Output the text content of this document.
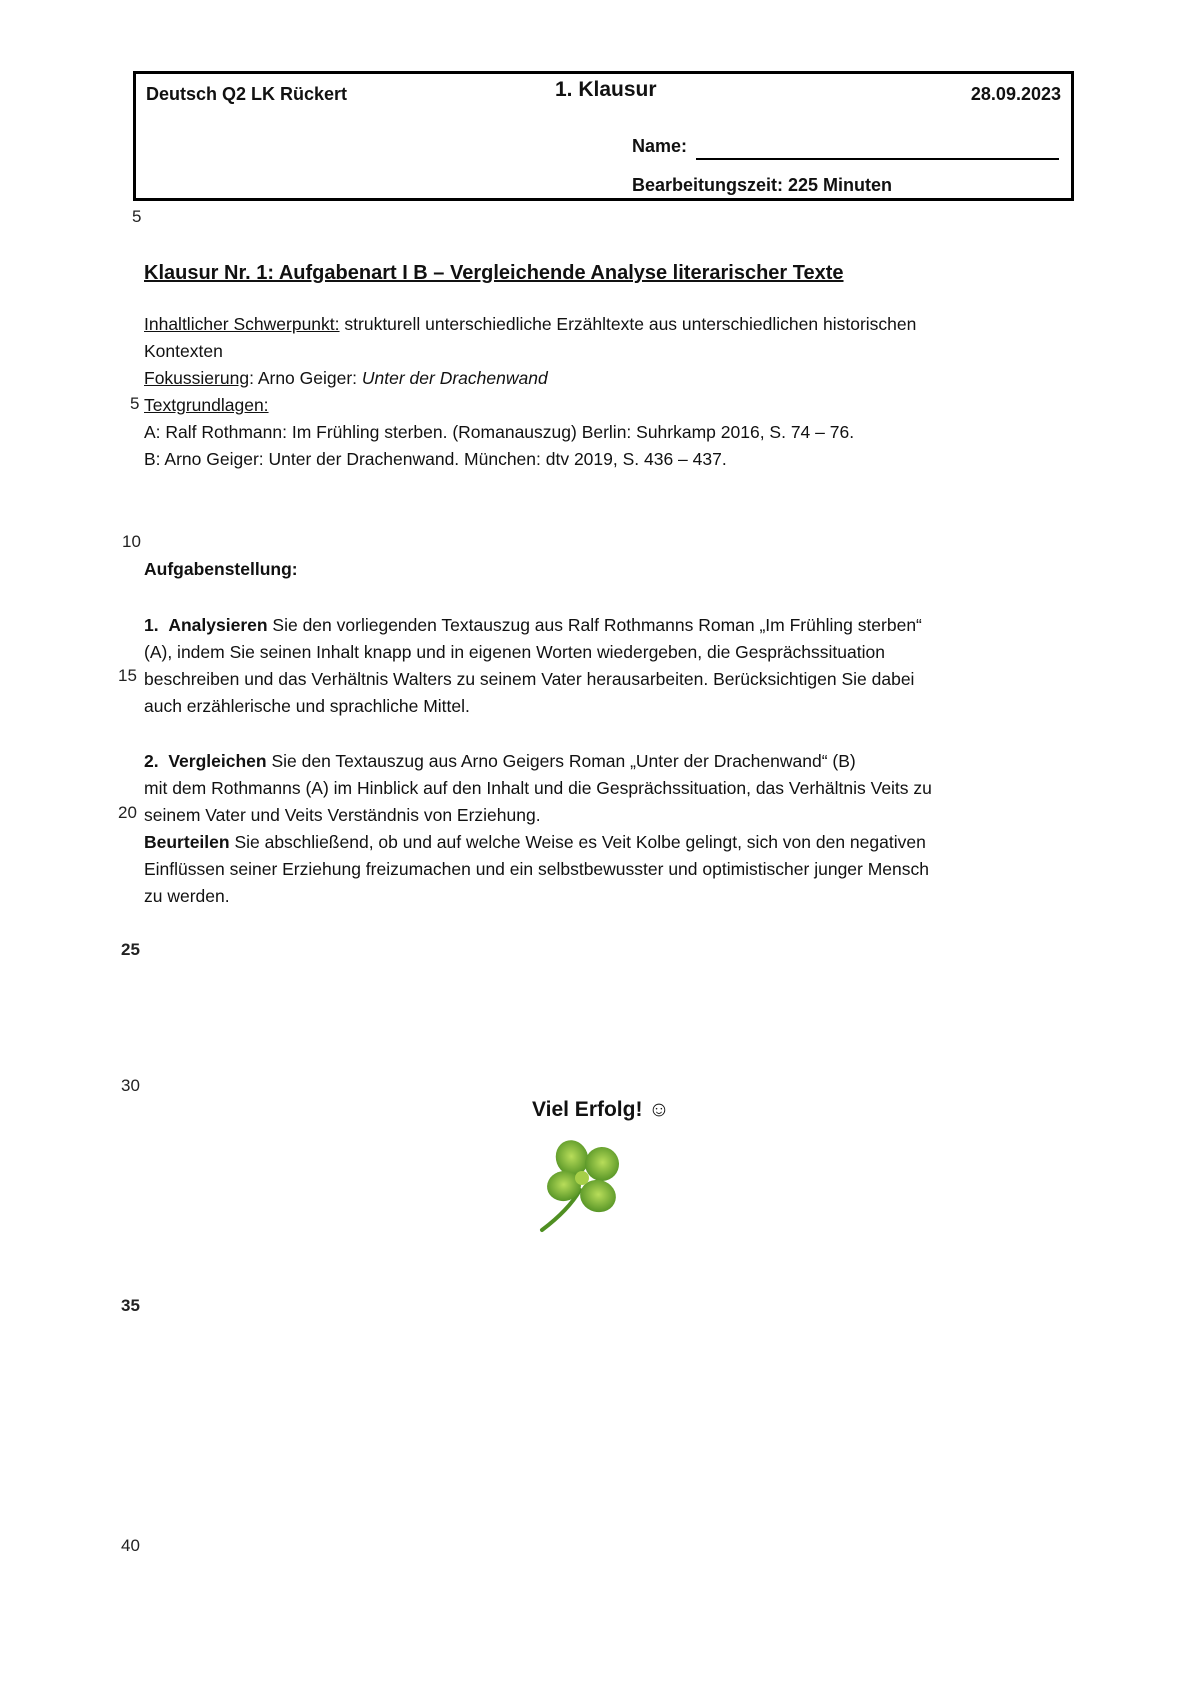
Deutsch Q2 LK Rückert	1. Klausur	28.09.2023
Name:
Bearbeitungszeit: 225 Minuten
5
5
10
15
20
25
30
35
40
Klausur Nr. 1: Aufgabenart I B – Vergleichende Analyse literarischer Texte
Inhaltlicher Schwerpunkt: strukturell unterschiedliche Erzähltexte aus unterschiedlichen historischen
Kontexten
Fokussierung: Arno Geiger: Unter der Drachenwand
Textgrundlagen:
A: Ralf Rothmann: Im Frühling sterben. (Romanauszug) Berlin: Suhrkamp 2016, S. 74 – 76.
B: Arno Geiger: Unter der Drachenwand. München: dtv 2019, S. 436 – 437.
Aufgabenstellung:
1. Analysieren Sie den vorliegenden Textauszug aus Ralf Rothmanns Roman „Im Frühling sterben“
(A), indem Sie seinen Inhalt knapp und in eigenen Worten wiedergeben, die Gesprächssituation
beschreiben und das Verhältnis Walters zu seinem Vater herausarbeiten. Berücksichtigen Sie dabei
auch erzählerische und sprachliche Mittel.
2. Vergleichen Sie den Textauszug aus Arno Geigers Roman „Unter der Drachenwand“ (B)
mit dem Rothmanns (A) im Hinblick auf den Inhalt und die Gesprächssituation, das Verhältnis Veits zu
seinem Vater und Veits Verständnis von Erziehung.
Beurteilen Sie abschließend, ob und auf welche Weise es Veit Kolbe gelingt, sich von den negativen
Einflüssen seiner Erziehung freizumachen und ein selbstbewusster und optimistischer junger Mensch
zu werden.
Viel Erfolg! ☺
